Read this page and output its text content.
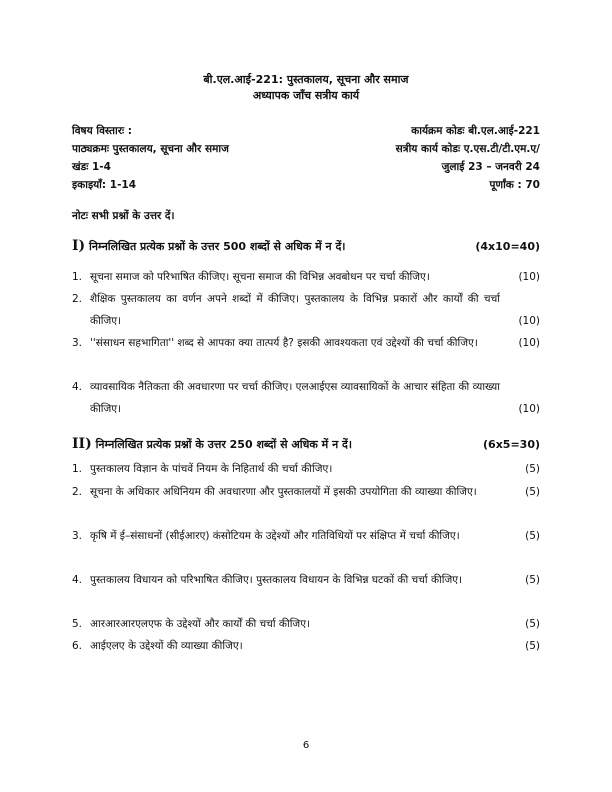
बी.एल.आई-221: पुस्तकालय, सूचना और समाज
अध्यापक जाँच सत्रीय कार्य
विषय विस्तारः :	कार्यक्रम कोडः बी.एल.आई-221
पाठ्यक्रमः पुस्तकालय, सूचना और समाज	सत्रीय कार्य कोडः ए.एस.टी/टी.एम.ए/
खंडः 1-4	जुलाई 23 – जनवरी 24
इकाइयाँ: 1-14	पूर्णांक : 70
नोटः सभी प्रश्नों के उत्तर दें।
I) निम्नलिखित प्रत्येक प्रश्नों के उत्तर 500 शब्दों से अधिक में न दें।	(4x10=40)
1. सूचना समाज को परिभाषित कीजिए। सूचना समाज की विभिन्न अवबोधन पर चर्चा कीजिए।	(10)
2. शैक्षिक पुस्तकालय का वर्णन अपने शब्दों में कीजिए। पुस्तकालय के विभिन्न प्रकारों और कार्यों की चर्चा कीजिए।	(10)
3. ''संसाधन सहभागिता'' शब्द से आपका क्या तात्पर्य है? इसकी आवश्यकता एवं उद्देश्यों की चर्चा कीजिए।	(10)
4. व्यावसायिक नैतिकता की अवधारणा पर चर्चा कीजिए। एलआईएस व्यावसायिकों के आचार संहिता की व्याख्या कीजिए।	(10)
II) निम्नलिखित प्रत्येक प्रश्नों के उत्तर 250 शब्दों से अधिक में न दें।	(6x5=30)
1. पुस्तकालय विज्ञान के पांचवें नियम के निहितार्थ की चर्चा कीजिए।	(5)
2. सूचना के अधिकार अधिनियम की अवधारणा और पुस्तकालयों में इसकी उपयोगिता की व्याख्या कीजिए।	(5)
3. कृषि में ई–संसाधनों (सीईआरए) कंसोटियम के उद्देश्यों और गतिविधियों पर संक्षिप्त में चर्चा कीजिए।	(5)
4. पुस्तकालय विधायन को परिभाषित कीजिए। पुस्तकालय विधायन के विभिन्न घटकों की चर्चा कीजिए।	(5)
5. आरआरआरएलएफ के उद्देश्यों और कार्यों की चर्चा कीजिए।	(5)
6. आईएलए के उद्देश्यों की व्याख्या कीजिए।	(5)
6
